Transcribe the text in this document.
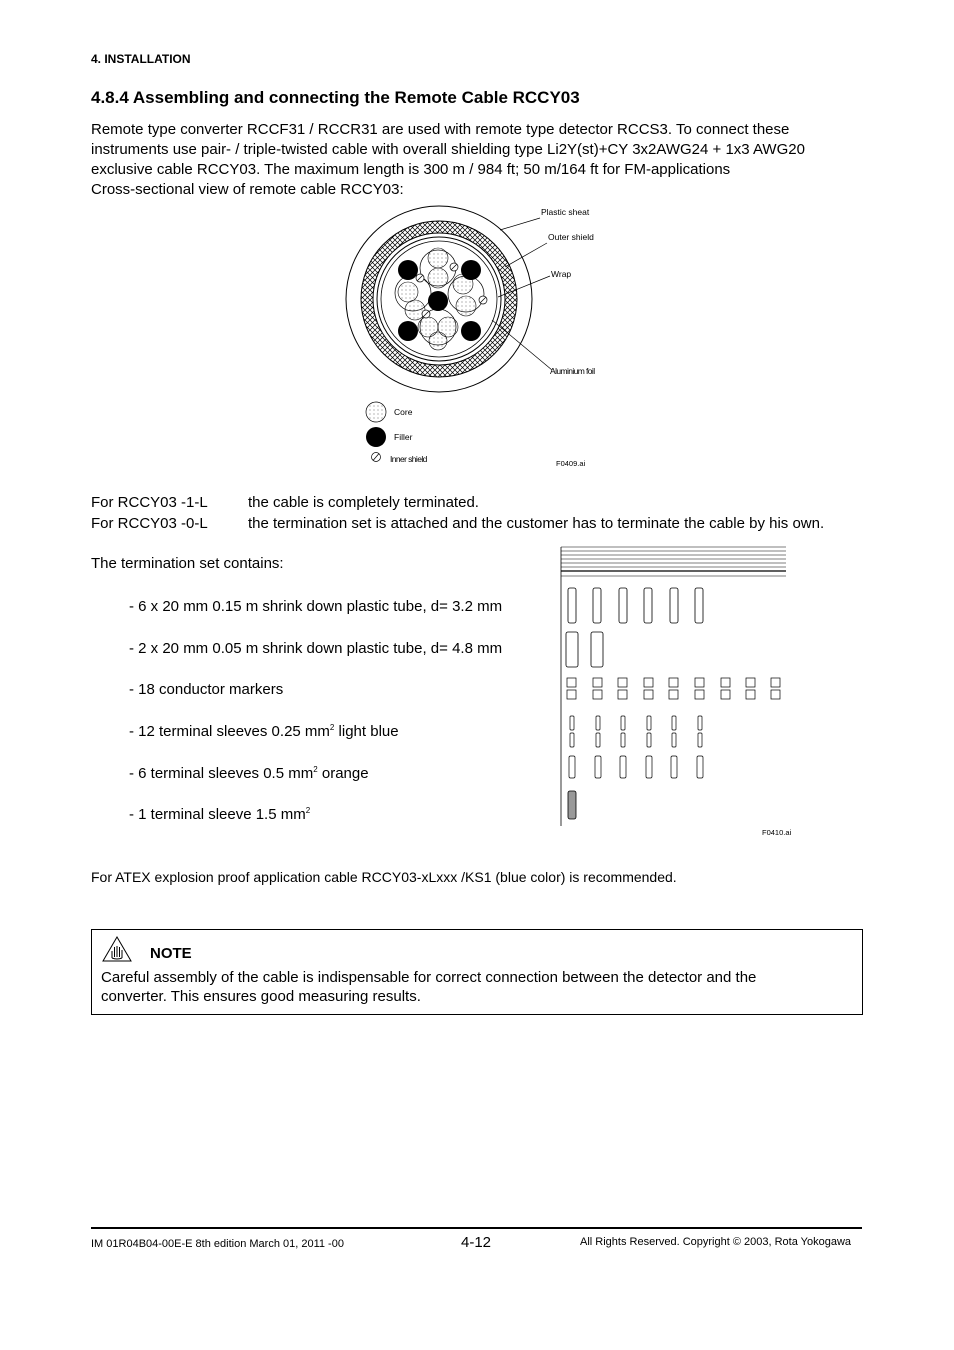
4. INSTALLATION
4.8.4 Assembling and connecting the Remote Cable RCCY03
Remote type converter RCCF31 / RCCR31 are used with remote type detector RCCS3. To connect these
instruments use pair- / triple-twisted cable with overall shielding type Li2Y(st)+CY 3x2AWG24 + 1x3 AWG20
exclusive cable RCCY03. The maximum length is 300 m / 984 ft; 50 m/164 ft for FM-applications
Cross-sectional view of remote cable RCCY03:
Plastic sheat
Outer shield
Wrap
Aluminium foil
Core
Filler
Inner shield	F0409.ai
For RCCY03 -1-L	the cable is completely terminated.
For RCCY03 -0-L	the termination set is attached and the customer has to terminate the cable by his own.
The termination set contains:
- 6 x 20 mm 0.15 m shrink down plastic tube, d= 3.2 mm
- 2 x 20 mm 0.05 m shrink down plastic tube, d= 4.8 mm
- 18 conductor markers
- 12 terminal sleeves 0.25 $mm^2$ light blue
- 6 terminal sleeves 0.5 $mm^2$ orange
- 1 terminal sleeve 1.5 $mm^2$
F0410.ai
For ATEX explosion proof application cable RCCY03-xLxxx /KS1 (blue color) is recommended.
NOTE
Careful assembly of the cable is indispensable for correct connection between the detector and the
converter. This ensures good measuring results.
IM 01R04B04-00E-E 8th edition March 01, 2011 -00	4-12	All Rights Reserved. Copyright © 2003, Rota Yokogawa
